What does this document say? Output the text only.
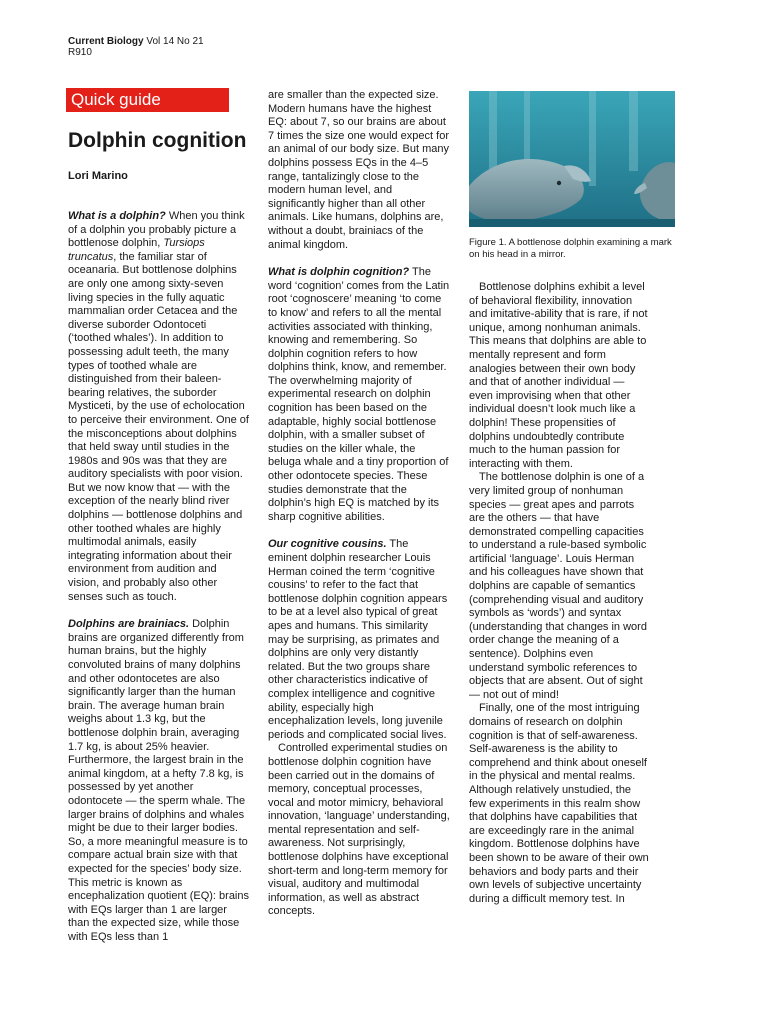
Current Biology Vol 14 No 21
R910
Quick guide
Dolphin cognition
Lori Marino

What is a dolphin? When you think of a dolphin you probably picture a bottlenose dolphin, Tursiops truncatus, the familiar star of oceanaria. But bottlenose dolphins are only one among sixty-seven living species in the fully aquatic mammalian order Cetacea and the diverse suborder Odontoceti (‘toothed whales’). In addition to possessing adult teeth, the many types of toothed whale are distinguished from their baleen-bearing relatives, the suborder Mysticeti, by the use of echolocation to perceive their environment. One of the misconceptions about dolphins that held sway until studies in the 1980s and 90s was that they are auditory specialists with poor vision. But we now know that — with the exception of the nearly blind river dolphins — bottlenose dolphins and other toothed whales are highly multimodal animals, easily integrating information about their environment from audition and vision, and probably also other senses such as touch.

Dolphins are brainiacs. Dolphin brains are organized differently from human brains, but the highly convoluted brains of many dolphins and other odontocetes are also significantly larger than the human brain. The average human brain weighs about 1.3 kg, but the bottlenose dolphin brain, averaging 1.7 kg, is about 25% heavier. Furthermore, the largest brain in the animal kingdom, at a hefty 7.8 kg, is possessed by yet another odontocete — the sperm whale. The larger brains of dolphins and whales might be due to their larger bodies. So, a more meaningful measure is to compare actual brain size with that expected for the species’ body size. This metric is known as encephalization quotient (EQ): brains with EQs larger than 1 are larger than the expected size, while those with EQs less than 1

are smaller than the expected size. Modern humans have the highest EQ: about 7, so our brains are about 7 times the size one would expect for an animal of our body size. But many dolphins possess EQs in the 4–5 range, tantalizingly close to the modern human level, and significantly higher than all other animals. Like humans, dolphins are, without a doubt, brainiacs of the animal kingdom.

What is dolphin cognition? The word ‘cognition’ comes from the Latin root ‘cognoscere’ meaning ‘to come to know’ and refers to all the mental activities associated with thinking, knowing and remembering. So dolphin cognition refers to how dolphins think, know, and remember. The overwhelming majority of experimental research on dolphin cognition has been based on the adaptable, highly social bottlenose dolphin, with a smaller subset of studies on the killer whale, the beluga whale and a tiny proportion of other odontocete species. These studies demonstrate that the dolphin’s high EQ is matched by its sharp cognitive abilities.

Our cognitive cousins. The eminent dolphin researcher Louis Herman coined the term ‘cognitive cousins’ to refer to the fact that bottlenose dolphin cognition appears to be at a level also typical of great apes and humans. This similarity may be surprising, as primates and dolphins are only very distantly related. But the two groups share other characteristics indicative of complex intelligence and cognitive ability, especially high encephalization levels, long juvenile periods and complicated social lives.

Controlled experimental studies on bottlenose dolphin cognition have been carried out in the domains of memory, conceptual processes, vocal and motor mimicry, behavioral innovation, ‘language’ understanding, mental representation and self-awareness. Not surprisingly, bottlenose dolphins have exceptional short-term and long-term memory for visual, auditory and multimodal information, as well as abstract concepts.

Figure 1. A bottlenose dolphin examining a mark on his head in a mirror.

Bottlenose dolphins exhibit a level of behavioral flexibility, innovation and imitative-ability that is rare, if not unique, among nonhuman animals. This means that dolphins are able to mentally represent and form analogies between their own body and that of another individual — even improvising when that other individual doesn’t look much like a dolphin! These propensities of dolphins undoubtedly contribute much to the human passion for interacting with them.

The bottlenose dolphin is one of a very limited group of nonhuman species — great apes and parrots are the others — that have demonstrated compelling capacities to understand a rule-based symbolic artificial ‘language’. Louis Herman and his colleagues have shown that dolphins are capable of semantics (comprehending visual and auditory symbols as ‘words’) and syntax (understanding that changes in word order change the meaning of a sentence). Dolphins even understand symbolic references to objects that are absent. Out of sight — not out of mind!

Finally, one of the most intriguing domains of research on dolphin cognition is that of self-awareness. Self-awareness is the ability to comprehend and think about oneself in the physical and mental realms. Although relatively unstudied, the few experiments in this realm show that dolphins have capabilities that are exceedingly rare in the animal kingdom. Bottlenose dolphins have been shown to be aware of their own behaviors and body parts and their own levels of subjective uncertainty during a difficult memory test. In
